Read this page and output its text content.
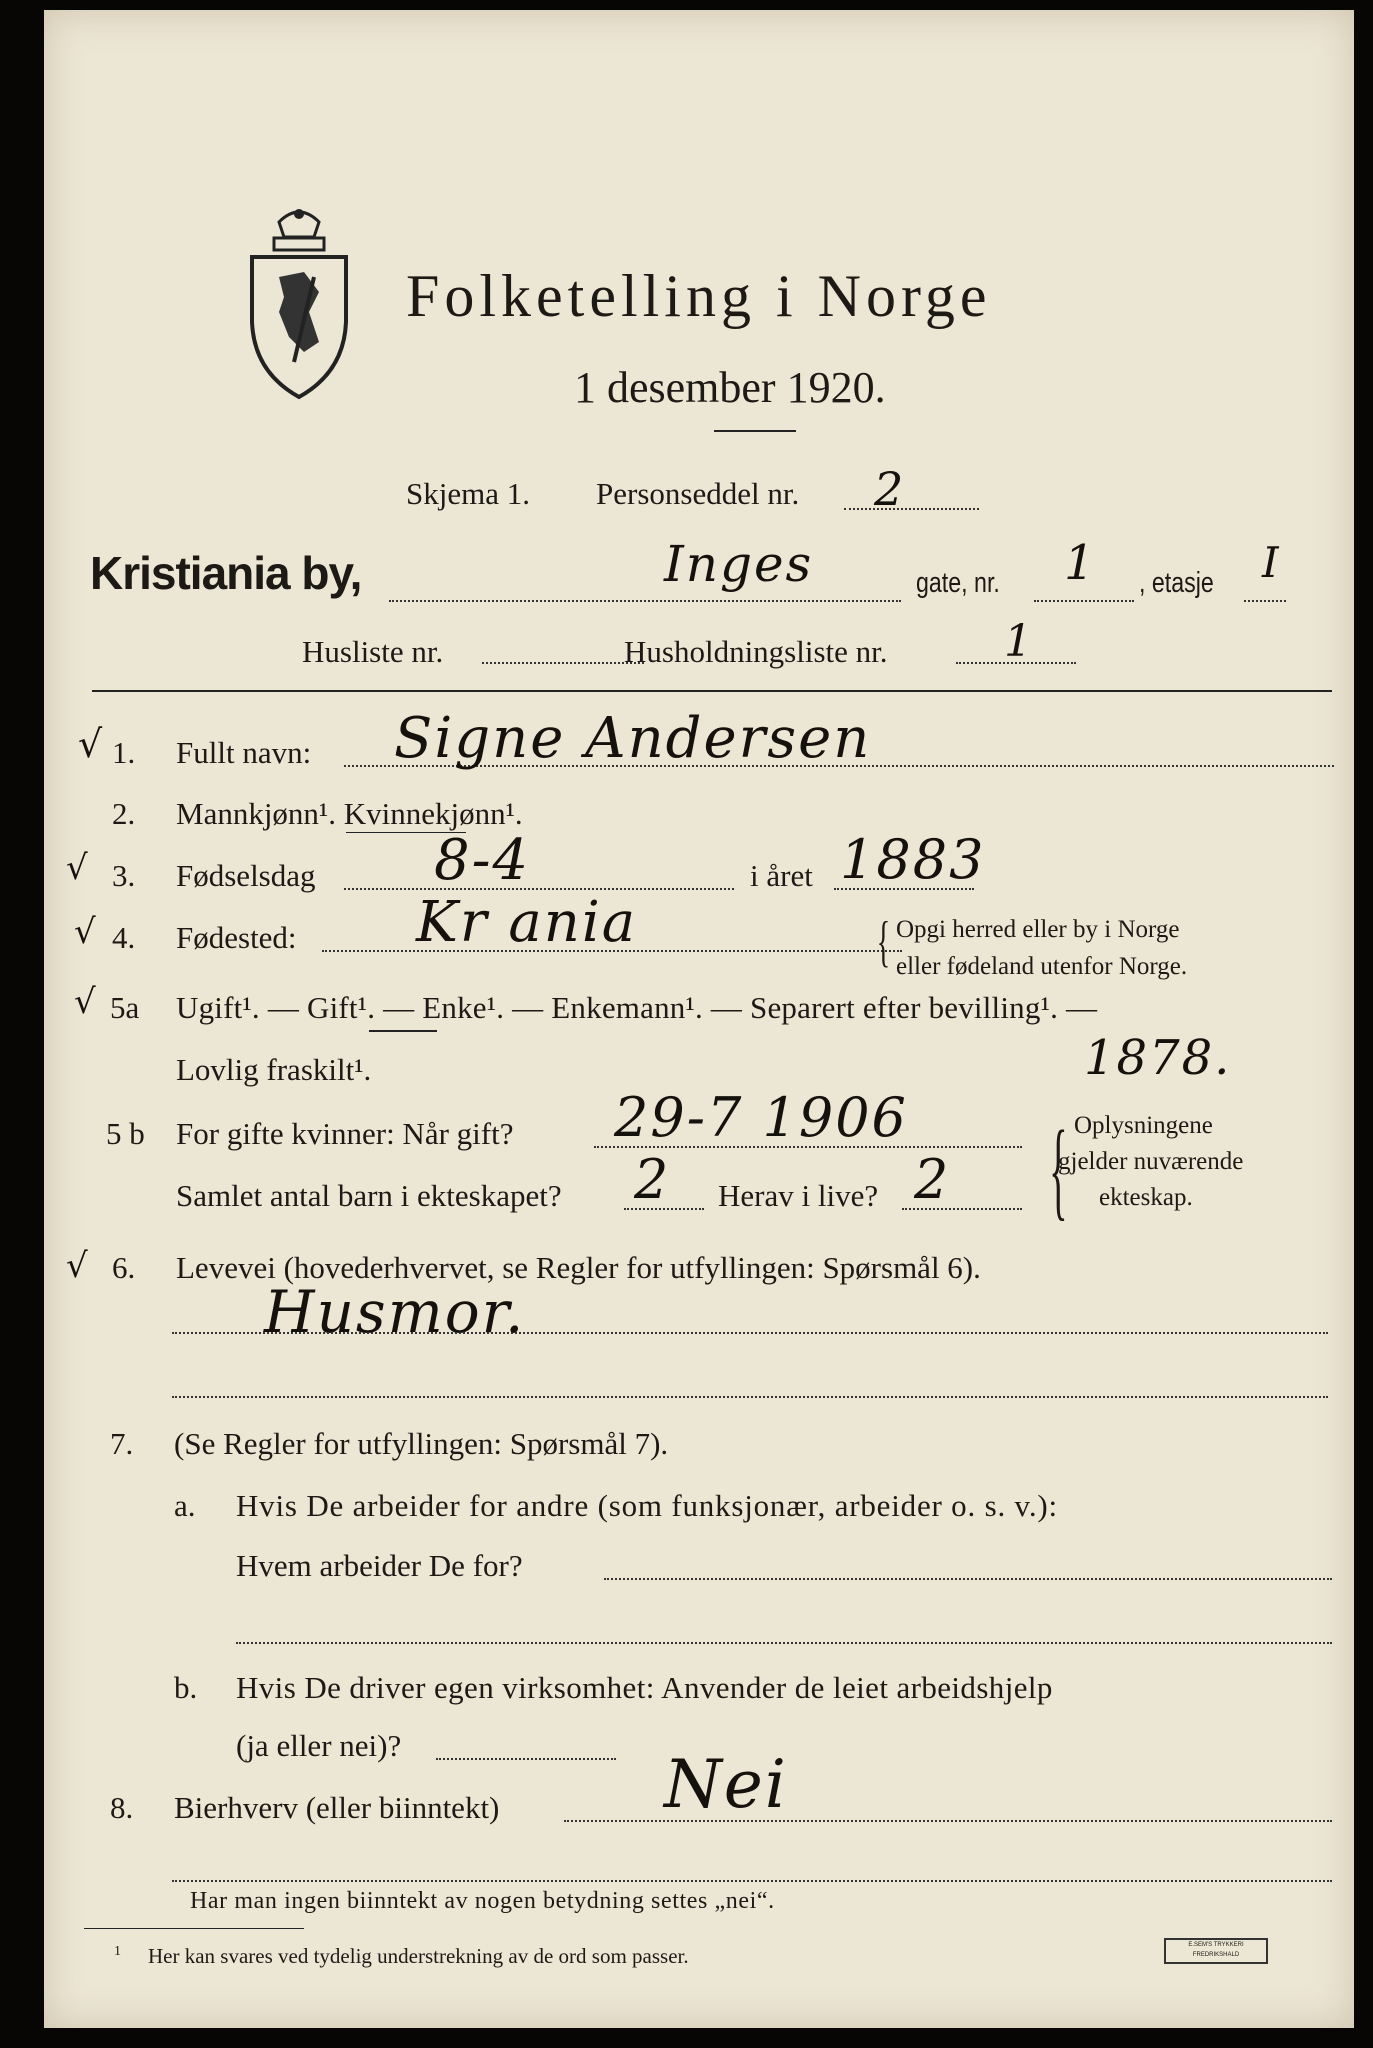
Folketelling i Norge
1 desember 1920.
Skjema 1. Personseddel nr. 2
Kristiania by,	Inges	gate, nr. 1 , etasje I
Husliste nr.	Husholdningsliste nr.	1
√ 1. Fullt navn: Signe Andersen
2. Mannkjønn¹. Kvinnekjønn¹.
√ 3. Fødselsdag 8-4	i året 1883
√ 4. Fødested: Kr ania	{ Opgi herred eller by i Norge
eller fødeland utenfor Norge.
√ 5a Ugift¹. — Gift¹. — Enke¹. — Enkemann¹. — Separert efter bevilling¹. —
Lovlig fraskilt¹.	1878.
5 b For gifte kvinner: Når gift? 29-7 1906
Samlet antal barn i ekteskapet? 2 Herav i live? 2 { Oplysningene
gjelder nuværende
ekteskap.
√ 6. Levevei (hovederhvervet, se Regler for utfyllingen: Spørsmål 6).
Husmor.
7. (Se Regler for utfyllingen: Spørsmål 7).
a. Hvis De arbeider for andre (som funksjonær, arbeider o. s. v.):
Hvem arbeider De for?
b. Hvis De driver egen virksomhet: Anvender de leiet arbeidshjelp
(ja eller nei)?
8. Bierhverv (eller biinntekt) Nei
Har man ingen biinntekt av nogen betydning settes „nei“.
1 Her kan svares ved tydelig understrekning av de ord som passer.	E.SEM'S TRYKKERI
FREDRIKSHALD
